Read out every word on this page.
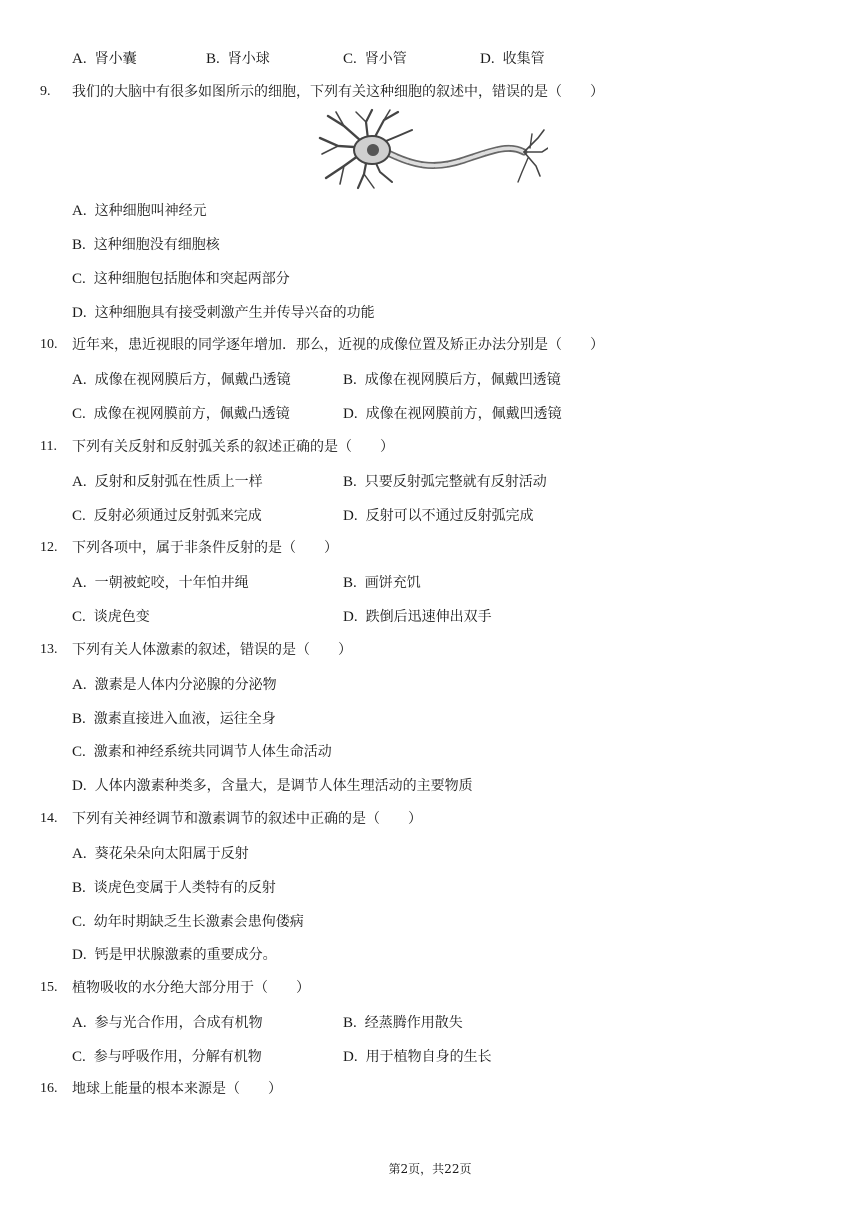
A. 肾小囊	B. 肾小球	C. 肾小管	D. 收集管
9. 我们的大脑中有很多如图所示的细胞，下列有关这种细胞的叙述中，错误的是（　　）
A. 这种细胞叫神经元
B. 这种细胞没有细胞核
C. 这种细胞包括胞体和突起两部分
D. 这种细胞具有接受刺激产生并传导兴奋的功能
10. 近年来，患近视眼的同学逐年增加．那么，近视的成像位置及矫正办法分别是（　　）
A. 成像在视网膜后方，佩戴凸透镜	B. 成像在视网膜后方，佩戴凹透镜
C. 成像在视网膜前方，佩戴凸透镜	D. 成像在视网膜前方，佩戴凹透镜
11. 下列有关反射和反射弧关系的叙述正确的是（　　）
A. 反射和反射弧在性质上一样	B. 只要反射弧完整就有反射活动
C. 反射必须通过反射弧来完成	D. 反射可以不通过反射弧完成
12. 下列各项中，属于非条件反射的是（　　）
A. 一朝被蛇咬，十年怕井绳	B. 画饼充饥
C. 谈虎色变	D. 跌倒后迅速伸出双手
13. 下列有关人体激素的叙述，错误的是（　　）
A. 激素是人体内分泌腺的分泌物
B. 激素直接进入血液，运往全身
C. 激素和神经系统共同调节人体生命活动
D. 人体内激素种类多，含量大，是调节人体生理活动的主要物质
14. 下列有关神经调节和激素调节的叙述中正确的是（　　）
A. 葵花朵朵向太阳属于反射
B. 谈虎色变属于人类特有的反射
C. 幼年时期缺乏生长激素会患佝偻病
D. 钙是甲状腺激素的重要成分。
15. 植物吸收的水分绝大部分用于（　　）
A. 参与光合作用，合成有机物	B. 经蒸腾作用散失
C. 参与呼吸作用，分解有机物	D. 用于植物自身的生长
16. 地球上能量的根本来源是（　　）
第2页，共22页
